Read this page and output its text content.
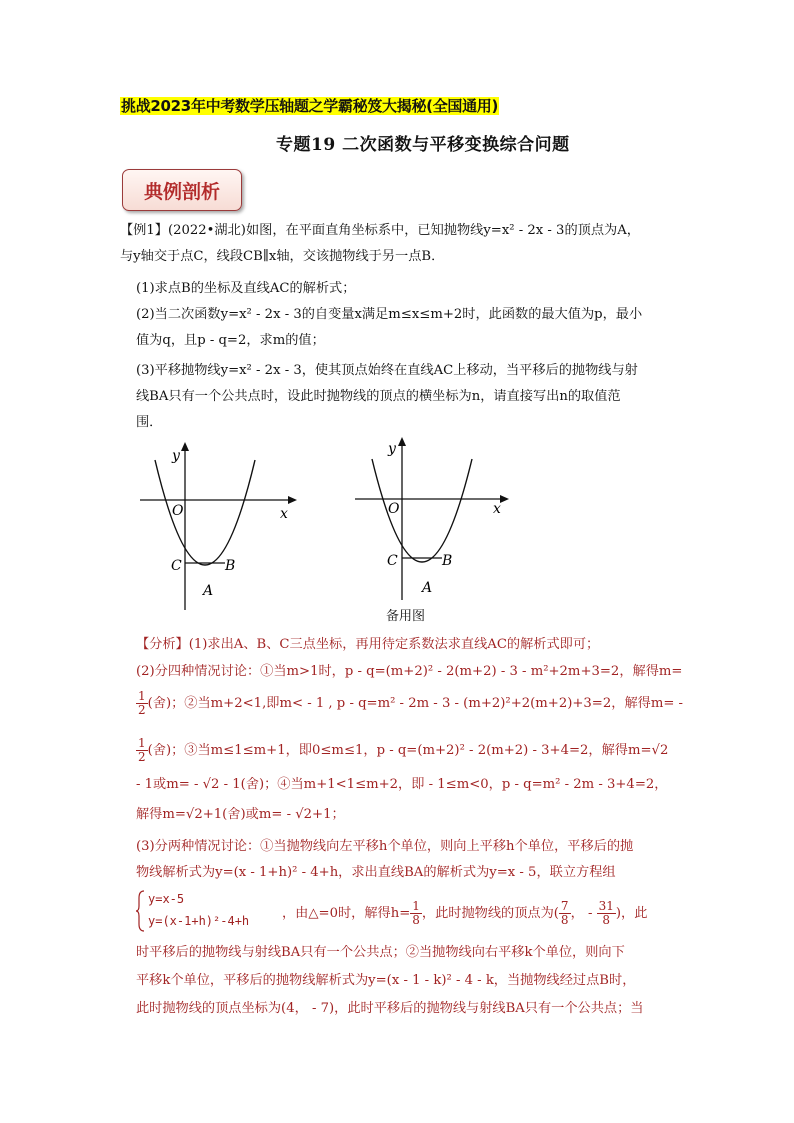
挑战2023年中考数学压轴题之学霸秘笈大揭秘(全国通用)
专题19 二次函数与平移变换综合问题
典例剖析
【例1】(2022•湖北)如图，在平面直角坐标系中，已知抛物线y=x² - 2x - 3的顶点为A，
与y轴交于点C，线段CB∥x轴，交该抛物线于另一点B．
(1)求点B的坐标及直线AC的解析式；
(2)当二次函数y=x² - 2x - 3的自变量x满足m≤x≤m+2时，此函数的最大值为p，最小
值为q，且p - q=2，求m的值；
(3)平移抛物线y=x² - 2x - 3，使其顶点始终在直线AC上移动，当平移后的抛物线与射
线BA只有一个公共点时，设此时抛物线的顶点的横坐标为n，请直接写出n的取值范
围．
y
x
O
C	B
A
y
x
O
C	B
A
备用图
【分析】(1)求出A、B、C三点坐标，再用待定系数法求直线AC的解析式即可；
(2)分四种情况讨论：①当m>1时，p - q=(m+2)² - 2(m+2) - 3 - m²+2m+3=2，解得m=
$\frac{1}{2}$ (舍)；②当m+2<1,即m< - 1 , p - q=m² - 2m - 3 - (m+2)²+2(m+2)+3=2，解得m= -
$\frac{1}{2}$ (舍)；③当m≤1≤m+1，即0≤m≤1，p - q=(m+2)² - 2(m+2) - 3+4=2，解得m=√2
- 1或m= - √2 - 1(舍)；④当m+1<1≤m+2，即 - 1≤m<0，p - q=m² - 2m - 3+4=2，
解得m=√2+1(舍)或m= - √2+1；
(3)分两种情况讨论：①当抛物线向左平移h个单位，则向上平移h个单位，平移后的抛
物线解析式为y=(x - 1+h)² - 4+h，求出直线BA的解析式为y=x - 5，联立方程组
y=x-5
y=(x-1+h)²-4+h ，由△=0时，解得$h= \frac{1}{8}$ ，此时抛物线的顶点为( $\frac{7}{8}$ ， - $\frac{31}{8}$ )，此
时平移后的抛物线与射线BA只有一个公共点；②当抛物线向右平移k个单位，则向下
平移k个单位，平移后的抛物线解析式为y=(x - 1 - k)² - 4 - k，当抛物线经过点B时，
此时抛物线的顶点坐标为(4， - 7)，此时平移后的抛物线与射线BA只有一个公共点；当
